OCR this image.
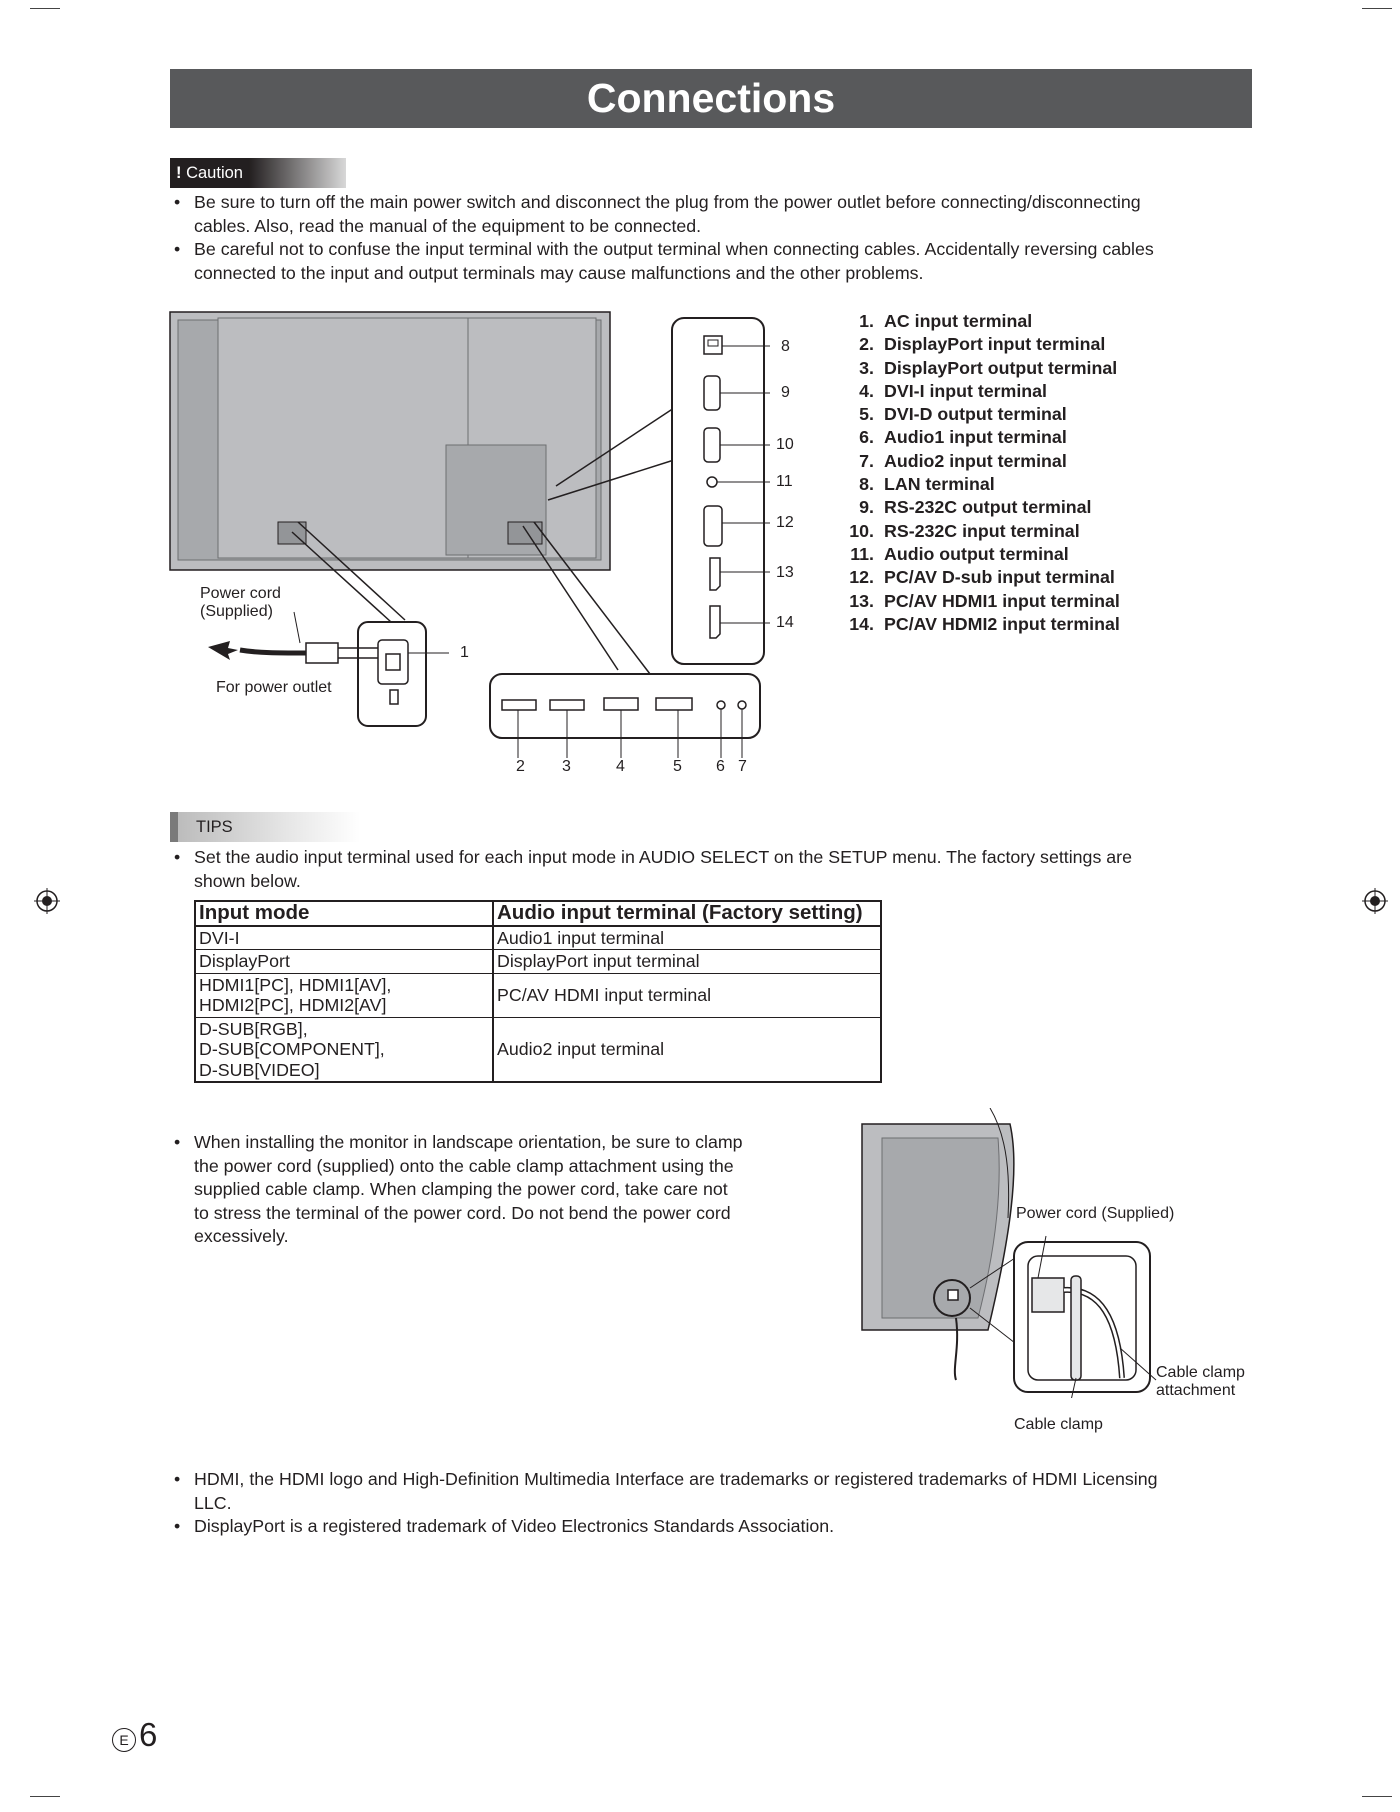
Connections
! Caution
• Be sure to turn off the main power switch and disconnect the plug from the power outlet before connecting/disconnecting
cables. Also, read the manual of the equipment to be connected.
• Be careful not to confuse the input terminal with the output terminal when connecting cables. Accidentally reversing cables
connected to the input and output terminals may cause malfunctions and the other problems.
Power cord
(Supplied)
For power outlet
1
2 3	4	5 6 7
8
9
10
11
12
13
14
1. AC input terminal
2. DisplayPort input terminal
3. DisplayPort output terminal
4. DVI-I input terminal
5. DVI-D output terminal
6. Audio1 input terminal
7. Audio2 input terminal
8. LAN terminal
9. RS-232C output terminal
10. RS-232C input terminal
11. Audio output terminal
12. PC/AV D-sub input terminal
13. PC/AV HDMI1 input terminal
14. PC/AV HDMI2 input terminal
TIPS
• Set the audio input terminal used for each input mode in AUDIO SELECT on the SETUP menu. The factory settings are
shown below.
Input mode	Audio input terminal (Factory setting)

DVI-I	Audio1 input terminal

DisplayPort	DisplayPort input terminal

HDMI1[PC], HDMI1[AV],
HDMI2[PC], HDMI2[AV]	PC/AV HDMI input terminal

D-SUB[RGB],
D-SUB[COMPONENT],
D-SUB[VIDEO]	Audio2 input terminal
• When installing the monitor in landscape orientation, be sure to clamp
the power cord (supplied) onto the cable clamp attachment using the
supplied cable clamp. When clamping the power cord, take care not
to stress the terminal of the power cord. Do not bend the power cord
excessively.
Power cord (Supplied)
Cable clamp
attachment
Cable clamp
• HDMI, the HDMI logo and High-Definition Multimedia Interface are trademarks or registered trademarks of HDMI Licensing
LLC.
• DisplayPort is a registered trademark of Video Electronics Standards Association.
E 6
